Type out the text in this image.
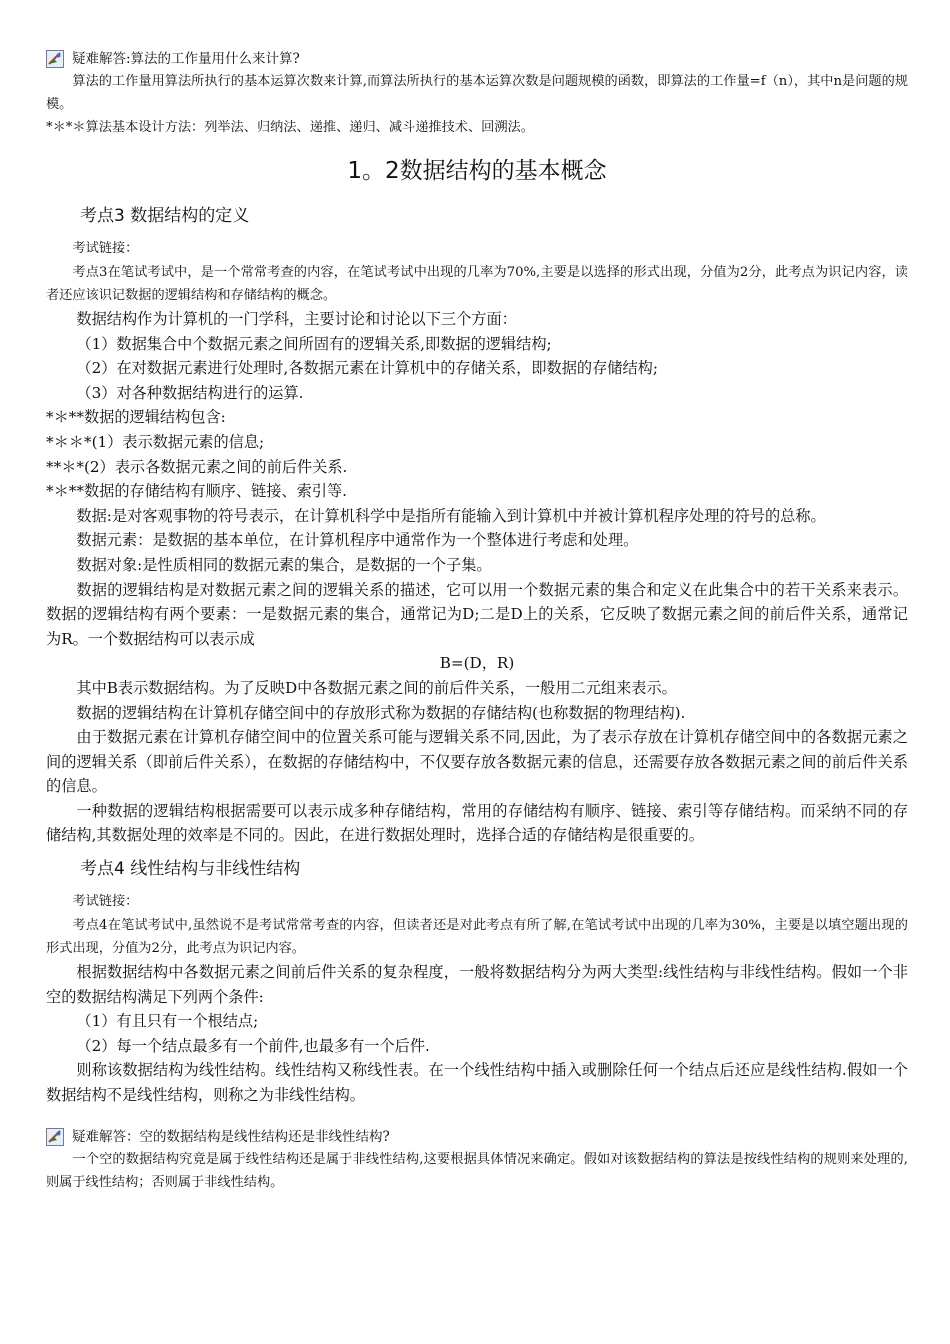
疑难解答:算法的工作量用什么来计算?

算法的工作量用算法所执行的基本运算次数来计算,而算法所执行的基本运算次数是问题规模的函数，即算法的工作量=f（n），其中n是问题的规模。

*＊*＊算法基本设计方法：列举法、归纳法、递推、递归、减斗递推技术、回溯法。

1。2数据结构的基本概念
考点3 数据结构的定义

考试链接：

考点3在笔试考试中，是一个常常考查的内容，在笔试考试中出现的几率为70%,主要是以选择的形式出现，分值为2分，此考点为识记内容，读者还应该识记数据的逻辑结构和存储结构的概念。

数据结构作为计算机的一门学科，主要讨论和讨论以下三个方面：

（1）数据集合中个数据元素之间所固有的逻辑关系,即数据的逻辑结构;

（2）在对数据元素进行处理时,各数据元素在计算机中的存储关系，即数据的存储结构;

（3）对各种数据结构进行的运算.

*＊**数据的逻辑结构包含:

*＊＊*(1）表示数据元素的信息;

**＊*(2）表示各数据元素之间的前后件关系.

*＊**数据的存储结构有顺序、链接、索引等.

数据:是对客观事物的符号表示，在计算机科学中是指所有能输入到计算机中并被计算机程序处理的符号的总称。

数据元素：是数据的基本单位，在计算机程序中通常作为一个整体进行考虑和处理。

数据对象:是性质相同的数据元素的集合，是数据的一个子集。

数据的逻辑结构是对数据元素之间的逻辑关系的描述，它可以用一个数据元素的集合和定义在此集合中的若干关系来表示。数据的逻辑结构有两个要素：一是数据元素的集合，通常记为D;二是D上的关系，它反映了数据元素之间的前后件关系，通常记为R。一个数据结构可以表示成

B=(D，R)

其中B表示数据结构。为了反映D中各数据元素之间的前后件关系，一般用二元组来表示。

数据的逻辑结构在计算机存储空间中的存放形式称为数据的存储结构(也称数据的物理结构).

由于数据元素在计算机存储空间中的位置关系可能与逻辑关系不同,因此，为了表示存放在计算机存储空间中的各数据元素之间的逻辑关系（即前后件关系），在数据的存储结构中，不仅要存放各数据元素的信息，还需要存放各数据元素之间的前后件关系的信息。

一种数据的逻辑结构根据需要可以表示成多种存储结构，常用的存储结构有顺序、链接、索引等存储结构。而采纳不同的存储结构,其数据处理的效率是不同的。因此，在进行数据处理时，选择合适的存储结构是很重要的。

考点4 线性结构与非线性结构

考试链接：

考点4在笔试考试中,虽然说不是考试常常考查的内容，但读者还是对此考点有所了解,在笔试考试中出现的几率为30%，主要是以填空题出现的形式出现，分值为2分，此考点为识记内容。

根据数据结构中各数据元素之间前后件关系的复杂程度，一般将数据结构分为两大类型:线性结构与非线性结构。假如一个非空的数据结构满足下列两个条件:

（1）有且只有一个根结点;

（2）每一个结点最多有一个前件,也最多有一个后件.

则称该数据结构为线性结构。线性结构又称线性表。在一个线性结构中插入或删除任何一个结点后还应是线性结构.假如一个数据结构不是线性结构，则称之为非线性结构。

疑难解答：空的数据结构是线性结构还是非线性结构?

一个空的数据结构究竟是属于线性结构还是属于非线性结构,这要根据具体情况来确定。假如对该数据结构的算法是按线性结构的规则来处理的,则属于线性结构；否则属于非线性结构。
